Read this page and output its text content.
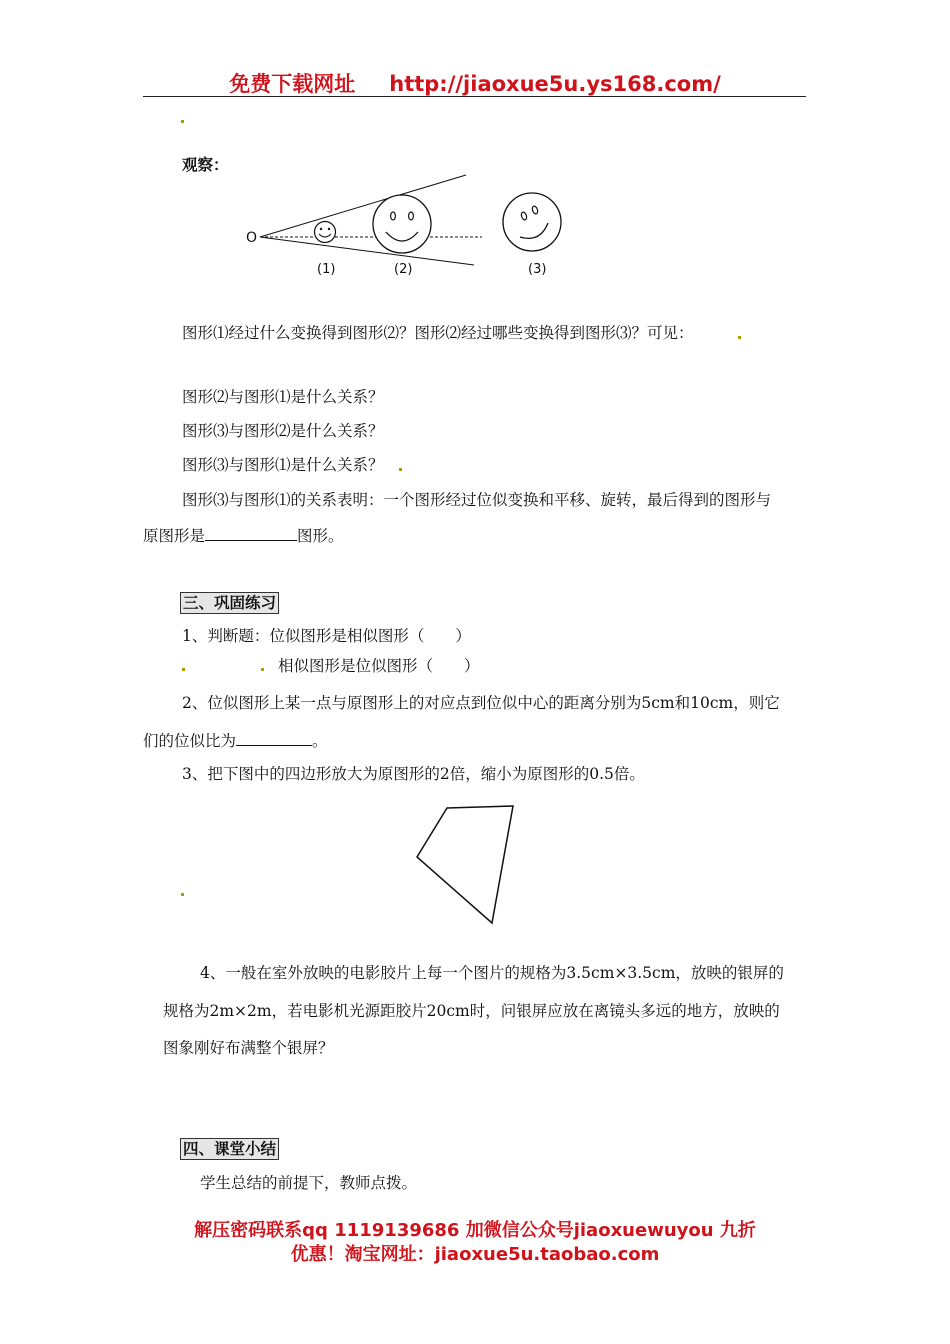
免费下载网址 http://jiaoxue5u.ys168.com/
观察：
O
(1)	(2)	(3)
图形⑴经过什么变换得到图形⑵？图形⑵经过哪些变换得到图形⑶？可见：
图形⑵与图形⑴是什么关系？
图形⑶与图形⑵是什么关系？
图形⑶与图形⑴是什么关系？
图形⑶与图形⑴的关系表明：一个图形经过位似变换和平移、旋转，最后得到的图形与
原图形是	图形。
三、巩固练习
1、判断题：位似图形是相似图形（　　）
相似图形是位似图形（　　）
2、位似图形上某一点与原图形上的对应点到位似中心的距离分别为5cm和10cm，则它
们的位似比为	。
3、把下图中的四边形放大为原图形的2倍，缩小为原图形的0.5倍。
4、一般在室外放映的电影胶片上每一个图片的规格为3.5cm×3.5cm，放映的银屏的
规格为2m×2m，若电影机光源距胶片20cm时，问银屏应放在离镜头多远的地方，放映的
图象刚好布满整个银屏？
四、课堂小结
学生总结的前提下，教师点拨。
解压密码联系qq 1119139686 加微信公众号jiaoxuewuyou 九折
优惠！淘宝网址：jiaoxue5u.taobao.com
